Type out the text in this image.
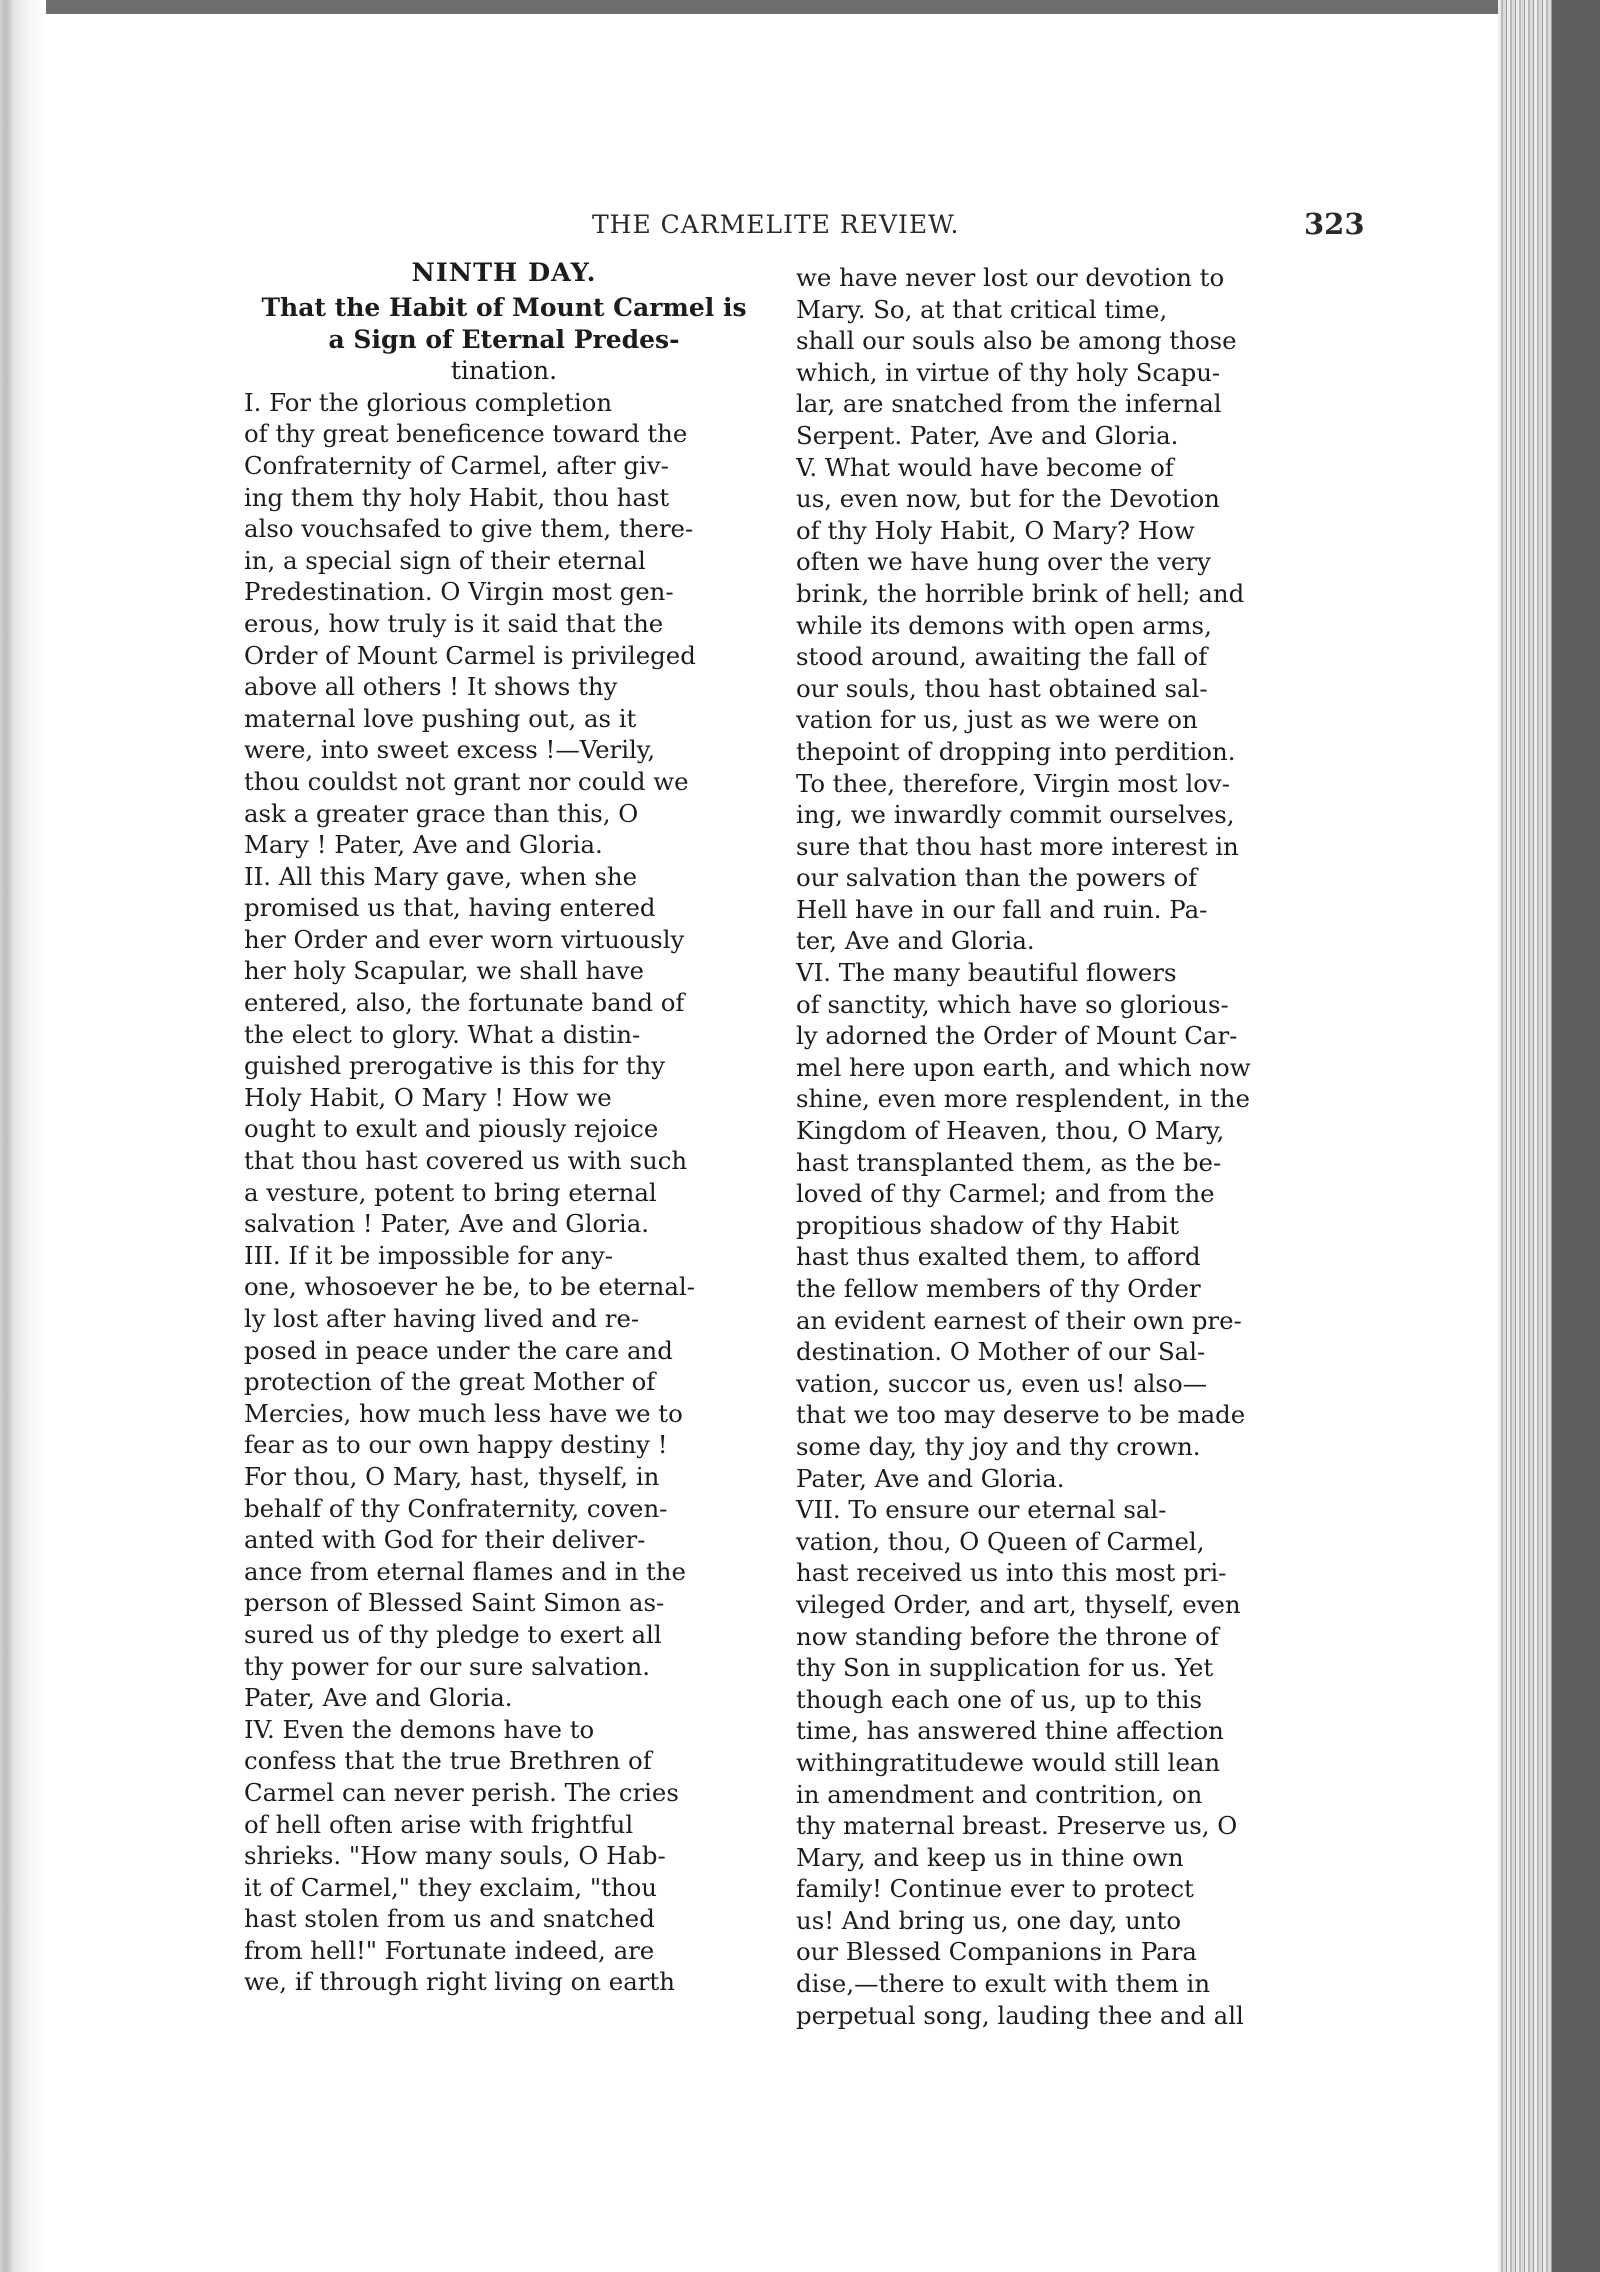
THE CARMELITE REVIEW.	323
NINTH DAY.
That the Habit of Mount Carmel is
a Sign of Eternal Predes-
tination.
I. For the glorious completion
of thy great beneficence toward the
Confraternity of Carmel, after giv-
ing them thy holy Habit, thou hast
also vouchsafed to give them, there-
in, a special sign of their eternal
Predestination. O Virgin most gen-
erous, how truly is it said that the
Order of Mount Carmel is privileged
above all others ! It shows thy
maternal love pushing out, as it
were, into sweet excess !—Verily,
thou couldst not grant nor could we
ask a greater grace than this, O
Mary ! Pater, Ave and Gloria.
II. All this Mary gave, when she
promised us that, having entered
her Order and ever worn virtuously
her holy Scapular, we shall have
entered, also, the fortunate band of
the elect to glory. What a distin-
guished prerogative is this for thy
Holy Habit, O Mary ! How we
ought to exult and piously rejoice
that thou hast covered us with such
a vesture, potent to bring eternal
salvation ! Pater, Ave and Gloria.
III. If it be impossible for any-
one, whosoever he be, to be eternal-
ly lost after having lived and re-
posed in peace under the care and
protection of the great Mother of
Mercies, how much less have we to
fear as to our own happy destiny !
For thou, O Mary, hast, thyself, in
behalf of thy Confraternity, coven-
anted with God for their deliver-
ance from eternal flames and in the
person of Blessed Saint Simon as-
sured us of thy pledge to exert all
thy power for our sure salvation.
Pater, Ave and Gloria.
IV. Even the demons have to
confess that the true Brethren of
Carmel can never perish. The cries
of hell often arise with frightful
shrieks. "How many souls, O Hab-
it of Carmel," they exclaim, "thou
hast stolen from us and snatched
from hell!" Fortunate indeed, are
we, if through right living on earth
we have never lost our devotion to
Mary. So, at that critical time,
shall our souls also be among those
which, in virtue of thy holy Scapu-
lar, are snatched from the infernal
Serpent. Pater, Ave and Gloria.
V. What would have become of
us, even now, but for the Devotion
of thy Holy Habit, O Mary? How
often we have hung over the very
brink, the horrible brink of hell; and
while its demons with open arms,
stood around, awaiting the fall of
our souls, thou hast obtained sal-
vation for us, just as we were on
thepoint of dropping into perdition.
To thee, therefore, Virgin most lov-
ing, we inwardly commit ourselves,
sure that thou hast more interest in
our salvation than the powers of
Hell have in our fall and ruin. Pa-
ter, Ave and Gloria.
VI. The many beautiful flowers
of sanctity, which have so glorious-
ly adorned the Order of Mount Car-
mel here upon earth, and which now
shine, even more resplendent, in the
Kingdom of Heaven, thou, O Mary,
hast transplanted them, as the be-
loved of thy Carmel; and from the
propitious shadow of thy Habit
hast thus exalted them, to afford
the fellow members of thy Order
an evident earnest of their own pre-
destination. O Mother of our Sal-
vation, succor us, even us! also—
that we too may deserve to be made
some day, thy joy and thy crown.
Pater, Ave and Gloria.
VII. To ensure our eternal sal-
vation, thou, O Queen of Carmel,
hast received us into this most pri-
vileged Order, and art, thyself, even
now standing before the throne of
thy Son in supplication for us. Yet
though each one of us, up to this
time, has answered thine affection
withingratitudewe would still lean
in amendment and contrition, on
thy maternal breast. Preserve us, O
Mary, and keep us in thine own
family! Continue ever to protect
us! And bring us, one day, unto
our Blessed Companions in Para
dise,—there to exult with them in
perpetual song, lauding thee and all
